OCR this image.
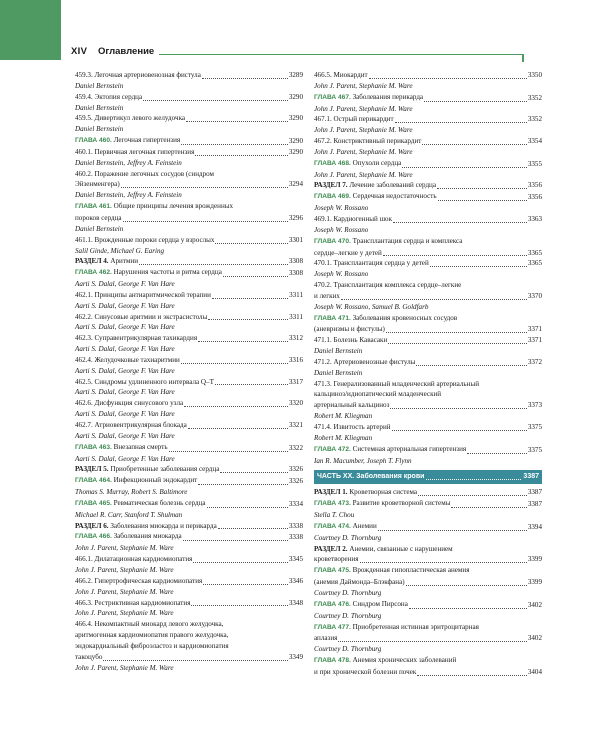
XIV Оглавление
459.3. Легочная артериовенозная фистула	3289
Daniel Bernstein
459.4. Эктопия сердца	3290
Daniel Bernstein
459.5. Дивертикул левого желудочка	3290
Daniel Bernstein
ГЛАВА 460. Легочная гипертензия	3290
460.1. Первичная легочная гипертензия	3290
Daniel Bernstein, Jeffrey A. Feinstein
460.2. Поражение легочных сосудов (синдром
Эйзенменгера)	3294
Daniel Bernstein, Jeffrey A. Feinstein
ГЛАВА 461. Общие принципы лечения врожденных
пороков сердца	3296
Daniel Bernstein
461.1. Врожденные пороки сердца у взрослых	3301
Salil Ginde, Michael G. Earing
РАЗДЕЛ 4. Аритмии	3308
ГЛАВА 462. Нарушения частоты и ритма сердца	3308
Aarti S. Dalal, George F. Van Hare
462.1. Принципы антиаритмической терапии	3311
Aarti S. Dalal, George F. Van Hare
462.2. Синусовые аритмии и экстрасистолы	3311
Aarti S. Dalal, George F. Van Hare
462.3. Суправентрикулярная тахикардия	3312
Aarti S. Dalal, George F. Van Hare
462.4. Желудочковые тахиаритмии	3316
Aarti S. Dalal, George F. Van Hare
462.5. Синдромы удлиненного интервала Q–T	3317
Aarti S. Dalal, George F. Van Hare
462.6. Дисфункция синусового узла	3320
Aarti S. Dalal, George F. Van Hare
462.7. Атриовентрикулярная блокада	3321
Aarti S. Dalal, George F. Van Hare
ГЛАВА 463. Внезапная смерть	3322
Aarti S. Dalal, George F. Van Hare
РАЗДЕЛ 5. Приобретенные заболевания сердца	3326
ГЛАВА 464. Инфекционный эндокардит	3326
Thomas S. Murray, Robert S. Baltimore
ГЛАВА 465. Ревматическая болезнь сердца	3334
Michael R. Carr, Stanford T. Shulman
РАЗДЕЛ 6. Заболевания миокарда и перикарда	3338
ГЛАВА 466. Заболевания миокарда	3338
John J. Parent, Stephanie M. Ware
466.1. Дилатационная кардиомиопатия	3345
John J. Parent, Stephanie M. Ware
466.2. Гипертрофическая кардиомиопатия	3346
John J. Parent, Stephanie M. Ware
466.3. Рестриктивная кардиомиопатия	3348
John J. Parent, Stephanie M. Ware
466.4. Некомпактный миокард левого желудочка,
аритмогенная кардиомиопатия правого желудочка,
эндокардиальный фиброэластоз и кардиомиопатия
такоцубо	3349
John J. Parent, Stephanie M. Ware
466.5. Миокардит	3350
John J. Parent, Stephanie M. Ware
ГЛАВА 467. Заболевания перикарда	3352
John J. Parent, Stephanie M. Ware
467.1. Острый перикардит	3352
John J. Parent, Stephanie M. Ware
467.2. Констриктивный перикардит	3354
John J. Parent, Stephanie M. Ware
ГЛАВА 468. Опухоли сердца	3355
John J. Parent, Stephanie M. Ware
РАЗДЕЛ 7. Лечение заболеваний сердца	3356
ГЛАВА 469. Сердечная недостаточность	3356
Joseph W. Rossano
469.1. Кардиогенный шок	3363
Joseph W. Rossano
ГЛАВА 470. Трансплантация сердца и комплекса
сердце–легкие у детей	3365
470.1. Трансплантация сердца у детей	3365
Joseph W. Rossano
470.2. Трансплантация комплекса сердце–легкие
и легких	3370
Joseph W. Rossano, Samuel B. Goldfarb
ГЛАВА 471. Заболевания кровеносных сосудов
(аневризмы и фистулы)	3371
471.1. Болезнь Кавасаки	3371
Daniel Bernstein
471.2. Артериовенозные фистулы	3372
Daniel Bernstein
471.3. Генерализованный младенческий артериальный
кальциноз/идиопатический младенческий
артериальный кальциноз	3373
Robert M. Kliegman
471.4. Извитость артерий	3375
Robert M. Kliegman
ГЛАВА 472. Системная артериальная гипертензия	3375
Ian R. Macumber, Joseph T. Flynn
ЧАСТЬ XX. Заболевания крови	3387
РАЗДЕЛ 1. Кроветворная система	3387
ГЛАВА 473. Развитие кроветворной системы	3387
Stella T. Chou
ГЛАВА 474. Анемии	3394
Courtney D. Thornburg
РАЗДЕЛ 2. Анемии, связанные с нарушением
кроветворения	3399
ГЛАВА 475. Врожденная гипопластическая анемия
(анемия Даймонда–Блэкфана)	3399
Courtney D. Thornburg
ГЛАВА 476. Синдром Пирсона	3402
Courtney D. Thornburg
ГЛАВА 477. Приобретенная истинная эритроцитарная
аплазия	3402
Courtney D. Thornburg
ГЛАВА 478. Анемия хронических заболеваний
и при хронической болезни почек	3404
